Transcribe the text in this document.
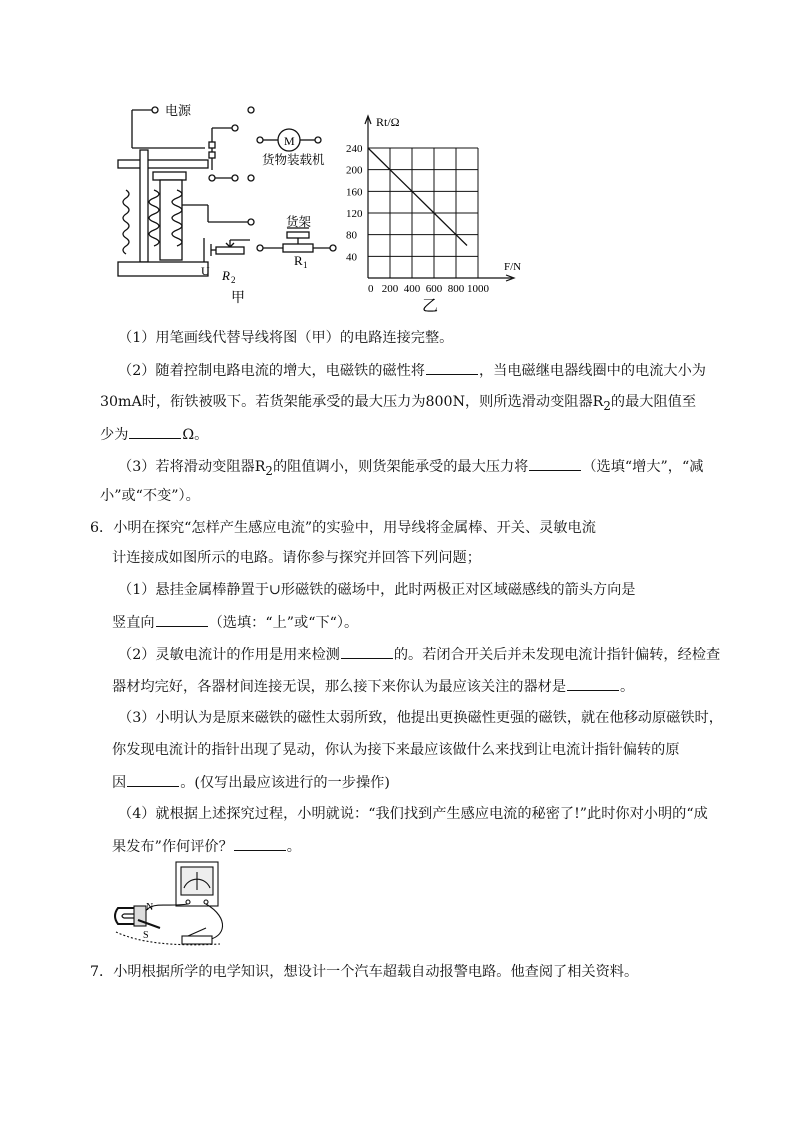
电源
M
货物装载机
货架
R 1
R 2
U
甲
40
80
120
160
200
240
0 200 400 600 800 1000
Rt/Ω
F/N
乙
（1）用笔画线代替导线将图（甲）的电路连接完整。
（2）随着控制电路电流的增大，电磁铁的磁性将	，当电磁继电器线圈中的电流大小为
30mA时，衔铁被吸下。若货架能承受的最大压力为800N，则所选滑动变阻器$R_2$的最大阻值至
少为	Ω。
（3）若将滑动变阻器$R_2$的阻值调小，则货架能承受的最大压力将	（选填“增大”，“减
小”或“不变”）。
6．小明在探究“怎样产生感应电流”的实验中，用导线将金属棒、开关、灵敏电流
计连接成如图所示的电路。请你参与探究并回答下列问题；
（1）悬挂金属棒静置于∪形磁铁的磁场中，此时两极正对区域磁感线的箭头方向是
竖直向	（选填：“上”或“下“）。
（2）灵敏电流计的作用是用来检测	的。若闭合开关后并未发现电流计指针偏转，经检查
器材均完好，各器材间连接无误，那么接下来你认为最应该关注的器材是	。
（3）小明认为是原来磁铁的磁性太弱所致，他提出更换磁性更强的磁铁，就在他移动原磁铁时，
你发现电流计的指针出现了晃动，你认为接下来最应该做什么来找到让电流计指针偏转的原
因	。(仅写出最应该进行的一步操作)
（4）就根据上述探究过程，小明就说：“我们找到产生感应电流的秘密了!”此时你对小明的“成
果发布”作何评价？	。
N
S
7．小明根据所学的电学知识，想设计一个汽车超载自动报警电路。他查阅了相关资料。
